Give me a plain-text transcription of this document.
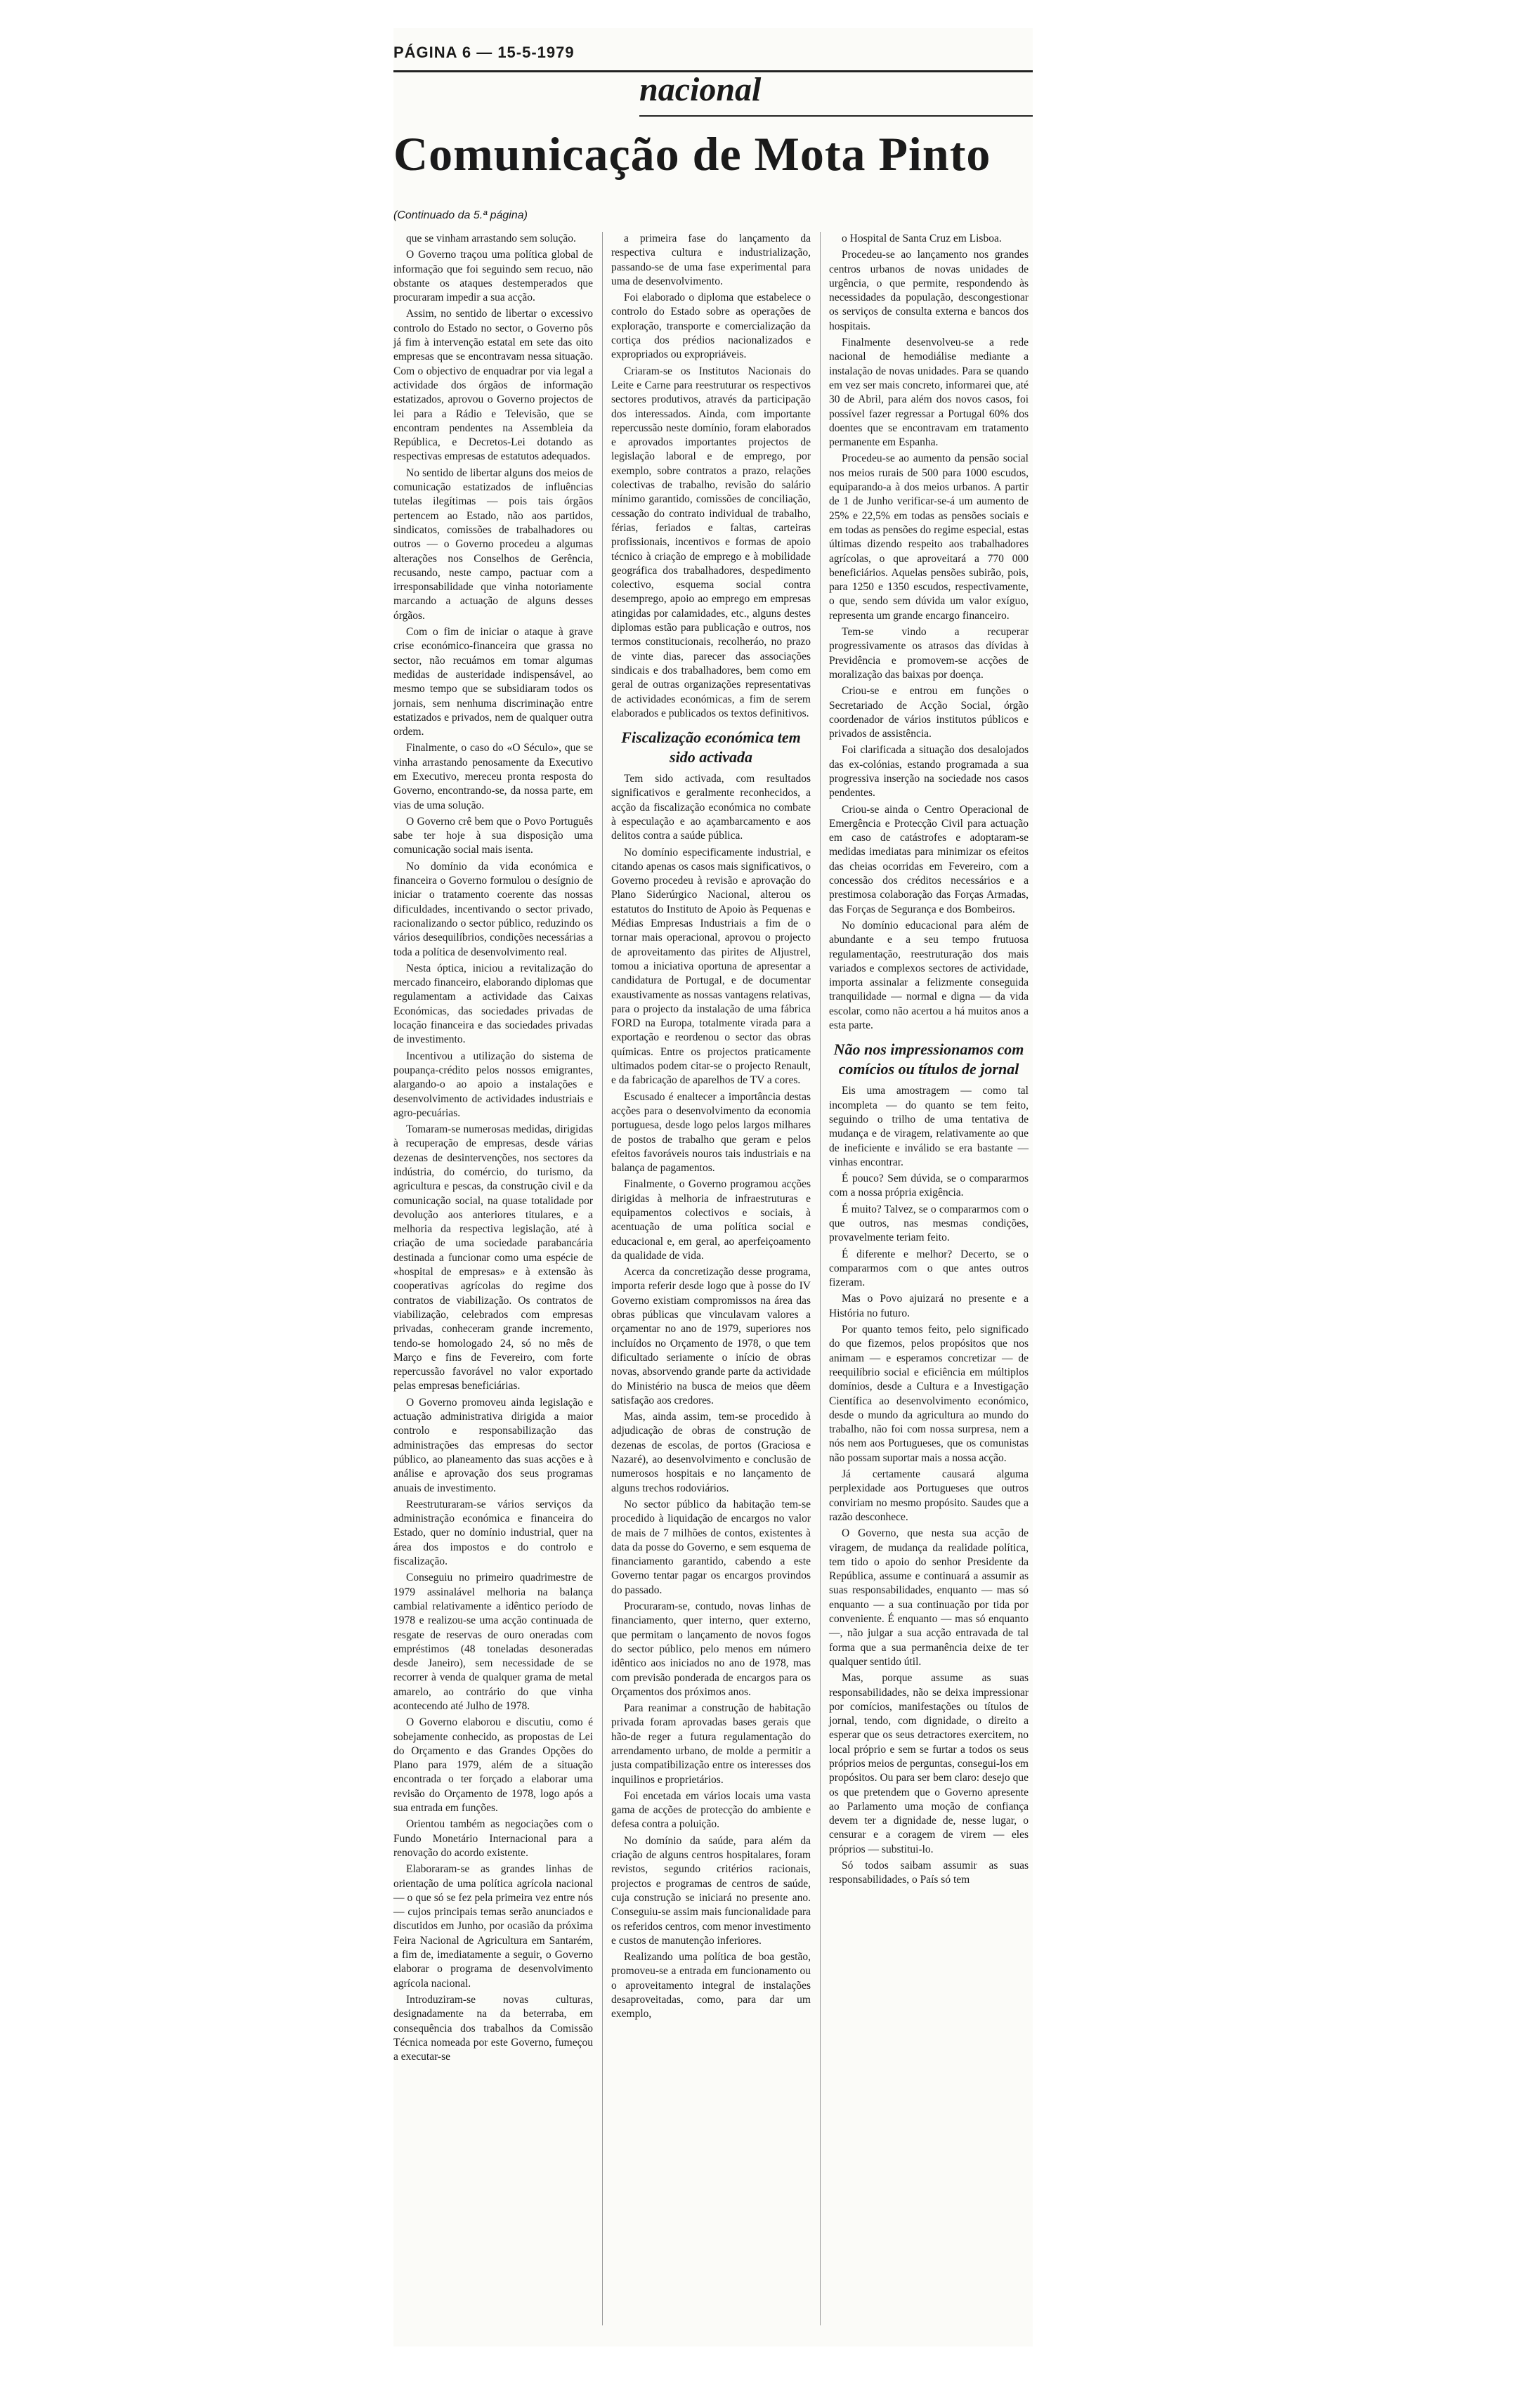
PÁGINA 6 — 15-5-1979
nacional
Comunicação de Mota Pinto
(Continuado da 5.ª página)

que se vinham arrastando sem solução.

O Governo traçou uma política global de informação que foi seguindo sem recuo, não obstante os ataques destemperados que procuraram impedir a sua acção.

Assim, no sentido de libertar o excessivo controlo do Estado no sector, o Governo pôs já fim à intervenção estatal em sete das oito empresas que se encontravam nessa situação. Com o objectivo de enquadrar por via legal a actividade dos órgãos de informação estatizados, aprovou o Governo projectos de lei para a Rádio e Televisão, que se encontram pendentes na Assembleia da República, e Decretos-Lei dotando as respectivas empresas de estatutos adequados.

No sentido de libertar alguns dos meios de comunicação estatizados de influências tutelas ilegítimas — pois tais órgãos pertencem ao Estado, não aos partidos, sindicatos, comissões de trabalhadores ou outros — o Governo procedeu a algumas alterações nos Conselhos de Gerência, recusando, neste campo, pactuar com a irresponsabilidade que vinha notoriamente marcando a actuação de alguns desses órgãos.

Com o fim de iniciar o ataque à grave crise económico-financeira que grassa no sector, não recuámos em tomar algumas medidas de austeridade indispensável, ao mesmo tempo que se subsidiaram todos os jornais, sem nenhuma discriminação entre estatizados e privados, nem de qualquer outra ordem.

Finalmente, o caso do «O Século», que se vinha arrastando penosamente da Executivo em Executivo, mereceu pronta resposta do Governo, encontrando-se, da nossa parte, em vias de uma solução.

O Governo crê bem que o Povo Português sabe ter hoje à sua disposição uma comunicação social mais isenta.

No domínio da vida económica e financeira o Governo formulou o desígnio de iniciar o tratamento coerente das nossas dificuldades, incentivando o sector privado, racionalizando o sector público, reduzindo os vários desequilíbrios, condições necessárias a toda a política de desenvolvimento real.

Nesta óptica, iniciou a revitalização do mercado financeiro, elaborando diplomas que regulamentam a actividade das Caixas Económicas, das sociedades privadas de locação financeira e das sociedades privadas de investimento.

Incentivou a utilização do sistema de poupança-crédito pelos nossos emigrantes, alargando-o ao apoio a instalações e desenvolvimento de actividades industriais e agro-pecuárias.

Tomaram-se numerosas medidas, dirigidas à recuperação de empresas, desde várias dezenas de desintervenções, nos sectores da indústria, do comércio, do turismo, da agricultura e pescas, da construção civil e da comunicação social, na quase totalidade por devolução aos anteriores titulares, e a melhoria da respectiva legislação, até à criação de uma sociedade parabancária destinada a funcionar como uma espécie de «hospital de empresas» e à extensão às cooperativas agrícolas do regime dos contratos de viabilização. Os contratos de viabilização, celebrados com empresas privadas, conheceram grande incremento, tendo-se homologado 24, só no mês de Março e fins de Fevereiro, com forte repercussão favorável no valor exportado pelas empresas beneficiárias.

O Governo promoveu ainda legislação e actuação administrativa dirigida a maior controlo e responsabilização das administrações das empresas do sector público, ao planeamento das suas acções e à análise e aprovação dos seus programas anuais de investimento.

Reestruturaram-se vários serviços da administração económica e financeira do Estado, quer no domínio industrial, quer na área dos impostos e do controlo e fiscalização.

Conseguiu no primeiro quadrimestre de 1979 assinalável melhoria na balança cambial relativamente a idêntico período de 1978 e realizou-se uma acção continuada de resgate de reservas de ouro oneradas com empréstimos (48 toneladas desoneradas desde Janeiro), sem necessidade de se recorrer à venda de qualquer grama de metal amarelo, ao contrário do que vinha acontecendo até Julho de 1978.

O Governo elaborou e discutiu, como é sobejamente conhecido, as propostas de Lei do Orçamento e das Grandes Opções do Plano para 1979, além de a situação encontrada o ter forçado a elaborar uma revisão do Orçamento de 1978, logo após a sua entrada em funções.

Orientou também as negociações com o Fundo Monetário Internacional para a renovação do acordo existente.

Elaboraram-se as grandes linhas de orientação de uma política agrícola nacional — o que só se fez pela primeira vez entre nós — cujos principais temas serão anunciados e discutidos em Junho, por ocasião da próxima Feira Nacional de Agricultura em Santarém, a fim de, imediatamente a seguir, o Governo elaborar o programa de desenvolvimento agrícola nacional.

Introduziram-se novas culturas, designadamente na da beterraba, em consequência dos trabalhos da Comissão Técnica nomeada por este Governo, fumeçou a executar-se

a primeira fase do lançamento da respectiva cultura e industrialização, passando-se de uma fase experimental para uma de desenvolvimento.

Foi elaborado o diploma que estabelece o controlo do Estado sobre as operações de exploração, transporte e comercialização da cortiça dos prédios nacionalizados e expropriados ou expropriáveis.

Criaram-se os Institutos Nacionais do Leite e Carne para reestruturar os respectivos sectores produtivos, através da participação dos interessados. Ainda, com importante repercussão neste domínio, foram elaborados e aprovados importantes projectos de legislação laboral e de emprego, por exemplo, sobre contratos a prazo, relações colectivas de trabalho, revisão do salário mínimo garantido, comissões de conciliação, cessação do contrato individual de trabalho, férias, feriados e faltas, carteiras profissionais, incentivos e formas de apoio técnico à criação de emprego e à mobilidade geográfica dos trabalhadores, despedimento colectivo, esquema social contra desemprego, apoio ao emprego em empresas atingidas por calamidades, etc., alguns destes diplomas estão para publicação e outros, nos termos constitucionais, recolheráo, no prazo de vinte dias, parecer das associações sindicais e dos trabalhadores, bem como em geral de outras organizações representativas de actividades económicas, a fim de serem elaborados e publicados os textos definitivos.

Fiscalização económica tem sido activada

Tem sido activada, com resultados significativos e geralmente reconhecidos, a acção da fiscalização económica no combate à especulação e ao açambarcamento e aos delitos contra a saúde pública.

No domínio especificamente industrial, e citando apenas os casos mais significativos, o Governo procedeu à revisão e aprovação do Plano Siderúrgico Nacional, alterou os estatutos do Instituto de Apoio às Pequenas e Médias Empresas Industriais a fim de o tornar mais operacional, aprovou o projecto de aproveitamento das pirites de Aljustrel, tomou a iniciativa oportuna de apresentar a candidatura de Portugal, e de documentar exaustivamente as nossas vantagens relativas, para o projecto da instalação de uma fábrica FORD na Europa, totalmente virada para a exportação e reordenou o sector das obras químicas. Entre os projectos praticamente ultimados podem citar-se o projecto Renault, e da fabricação de aparelhos de TV a cores.

Escusado é enaltecer a importância destas acções para o desenvolvimento da economia portuguesa, desde logo pelos largos milhares de postos de trabalho que geram e pelos efeitos favoráveis nouros tais industriais e na balança de pagamentos.

Finalmente, o Governo programou acções dirigidas à melhoria de infraestruturas e equipamentos colectivos e sociais, à acentuação de uma política social e educacional e, em geral, ao aperfeiçoamento da qualidade de vida.

Acerca da concretização desse programa, importa referir desde logo que à posse do IV Governo existiam compromissos na área das obras públicas que vinculavam valores a orçamentar no ano de 1979, superiores nos incluídos no Orçamento de 1978, o que tem dificultado seriamente o início de obras novas, absorvendo grande parte da actividade do Ministério na busca de meios que dêem satisfação aos credores.

Mas, ainda assim, tem-se procedido à adjudicação de obras de construção de dezenas de escolas, de portos (Graciosa e Nazaré), ao desenvolvimento e conclusão de numerosos hospitais e no lançamento de alguns trechos rodoviários.

No sector público da habitação tem-se procedido à liquidação de encargos no valor de mais de 7 milhões de contos, existentes à data da posse do Governo, e sem esquema de financiamento garantido, cabendo a este Governo tentar pagar os encargos provindos do passado.

Procuraram-se, contudo, novas linhas de financiamento, quer interno, quer externo, que permitam o lançamento de novos fogos do sector público, pelo menos em número idêntico aos iniciados no ano de 1978, mas com previsão ponderada de encargos para os Orçamentos dos próximos anos.

Para reanimar a construção de habitação privada foram aprovadas bases gerais que hão-de reger a futura regulamentação do arrendamento urbano, de molde a permitir a justa compatibilização entre os interesses dos inquilinos e proprietários.

Foi encetada em vários locais uma vasta gama de acções de protecção do ambiente e defesa contra a poluição.

No domínio da saúde, para além da criação de alguns centros hospitalares, foram revistos, segundo critérios racionais, projectos e programas de centros de saúde, cuja construção se iniciará no presente ano. Conseguiu-se assim mais funcionalidade para os referidos centros, com menor investimento e custos de manutenção inferiores.

Realizando uma política de boa gestão, promoveu-se a entrada em funcionamento ou o aproveitamento integral de instalações desaproveitadas, como, para dar um exemplo,

o Hospital de Santa Cruz em Lisboa.

Procedeu-se ao lançamento nos grandes centros urbanos de novas unidades de urgência, o que permite, respondendo às necessidades da população, descongestionar os serviços de consulta externa e bancos dos hospitais.

Finalmente desenvolveu-se a rede nacional de hemodiálise mediante a instalação de novas unidades. Para se quando em vez ser mais concreto, informarei que, até 30 de Abril, para além dos novos casos, foi possível fazer regressar a Portugal 60% dos doentes que se encontravam em tratamento permanente em Espanha.

Procedeu-se ao aumento da pensão social nos meios rurais de 500 para 1000 escudos, equiparando-a à dos meios urbanos. A partir de 1 de Junho verificar-se-á um aumento de 25% e 22,5% em todas as pensões sociais e em todas as pensões do regime especial, estas últimas dizendo respeito aos trabalhadores agrícolas, o que aproveitará a 770 000 beneficiários. Aquelas pensões subirão, pois, para 1250 e 1350 escudos, respectivamente, o que, sendo sem dúvida um valor exíguo, representa um grande encargo financeiro.

Tem-se vindo a recuperar progressivamente os atrasos das dívidas à Previdência e promovem-se acções de moralização das baixas por doença.

Criou-se e entrou em funções o Secretariado de Acção Social, órgão coordenador de vários institutos públicos e privados de assistência.

Foi clarificada a situação dos desalojados das ex-colónias, estando programada a sua progressiva inserção na sociedade nos casos pendentes.

Criou-se ainda o Centro Operacional de Emergência e Protecção Civil para actuação em caso de catástrofes e adoptaram-se medidas imediatas para minimizar os efeitos das cheias ocorridas em Fevereiro, com a concessão dos créditos necessários e a prestimosa colaboração das Forças Armadas, das Forças de Segurança e dos Bombeiros.

No domínio educacional para além de abundante e a seu tempo frutuosa regulamentação, reestruturação dos mais variados e complexos sectores de actividade, importa assinalar a felizmente conseguida tranquilidade — normal e digna — da vida escolar, como não acertou a há muitos anos a esta parte.

Não nos impressionamos com comícios ou títulos de jornal

Eis uma amostragem — como tal incompleta — do quanto se tem feito, seguindo o trilho de uma tentativa de mudança e de viragem, relativamente ao que de ineficiente e inválido se era bastante — vinhas encontrar.

É pouco? Sem dúvida, se o compararmos com a nossa própria exigência.

É muito? Talvez, se o compararmos com o que outros, nas mesmas condições, provavelmente teriam feito.

É diferente e melhor? Decerto, se o compararmos com o que antes outros fizeram.

Mas o Povo ajuizará no presente e a História no futuro.

Por quanto temos feito, pelo significado do que fizemos, pelos propósitos que nos animam — e esperamos concretizar — de reequilíbrio social e eficiência em múltiplos domínios, desde a Cultura e a Investigação Científica ao desenvolvimento económico, desde o mundo da agricultura ao mundo do trabalho, não foi com nossa surpresa, nem a nós nem aos Portugueses, que os comunistas não possam suportar mais a nossa acção.

Já certamente causará alguma perplexidade aos Portugueses que outros conviriam no mesmo propósito. Saudes que a razão desconhece.

O Governo, que nesta sua acção de viragem, de mudança da realidade política, tem tido o apoio do senhor Presidente da República, assume e continuará a assumir as suas responsabilidades, enquanto — mas só enquanto — a sua continuação por tida por conveniente. É enquanto — mas só enquanto —, não julgar a sua acção entravada de tal forma que a sua permanência deixe de ter qualquer sentido útil.

Mas, porque assume as suas responsabilidades, não se deixa impressionar por comícios, manifestações ou títulos de jornal, tendo, com dignidade, o direito a esperar que os seus detractores exercitem, no local próprio e sem se furtar a todos os seus próprios meios de perguntas, consegui-los em propósitos. Ou para ser bem claro: desejo que os que pretendem que o Governo apresente ao Parlamento uma moção de confiança devem ter a dignidade de, nesse lugar, o censurar e a coragem de virem — eles próprios — substitui-lo.

Só todos saibam assumir as suas responsabilidades, o País só tem
